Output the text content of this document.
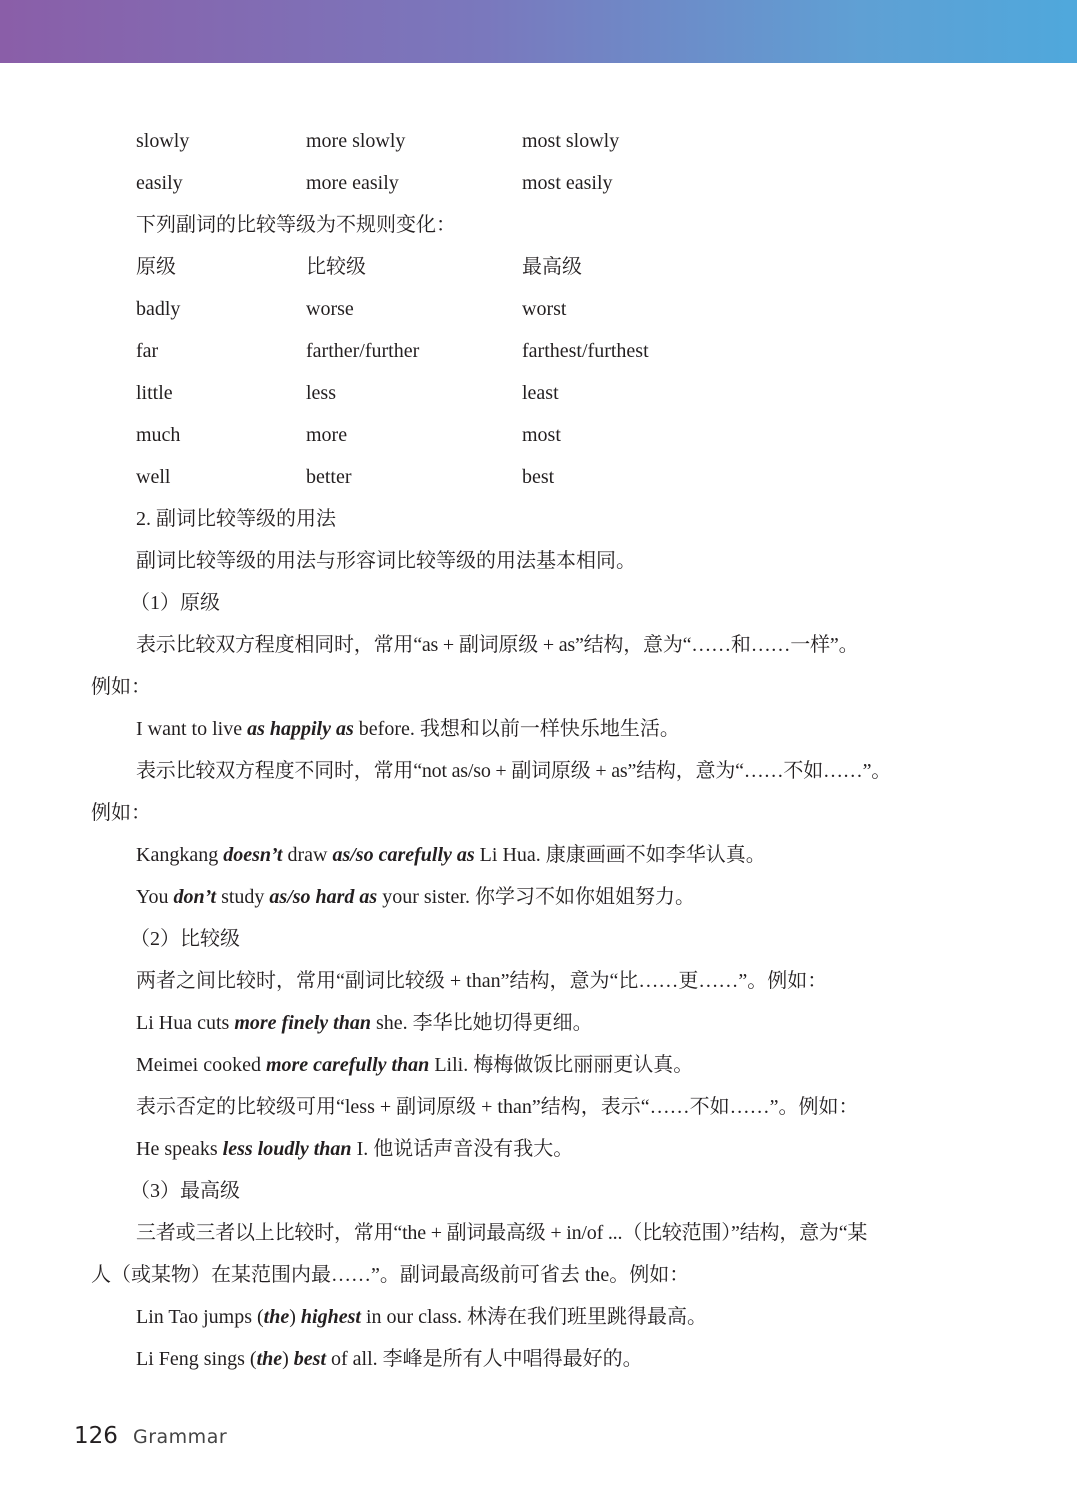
slowly	more slowly	most slowly
easily	more easily	most easily
下列副词的比较等级为不规则变化：
原级	比较级	最高级
badly	worse	worst
far	farther/further	farthest/furthest
little	less	least
much	more	most
well	better	best
2. 副词比较等级的用法
副词比较等级的用法与形容词比较等级的用法基本相同。
（1）原级
表示比较双方程度相同时，常用“as + 副词原级 + as”结构，意为“……和……一样”。
例如：
I want to live as happily as before. 我想和以前一样快乐地生活。
表示比较双方程度不同时，常用“not as/so + 副词原级 + as”结构，意为“……不如……”。
例如：
Kangkang doesn’t draw as/so carefully as Li Hua. 康康画画不如李华认真。
You don’t study as/so hard as your sister. 你学习不如你姐姐努力。
（2）比较级
两者之间比较时，常用“副词比较级 + than”结构，意为“比……更……”。例如：
Li Hua cuts more finely than she. 李华比她切得更细。
Meimei cooked more carefully than Lili. 梅梅做饭比丽丽更认真。
表示否定的比较级可用“less + 副词原级 + than”结构，表示“……不如……”。例如：
He speaks less loudly than I. 他说话声音没有我大。
（3）最高级
三者或三者以上比较时，常用“the + 副词最高级 + in/of ...（比较范围）”结构，意为“某
人（或某物）在某范围内最……”。副词最高级前可省去 the。例如：
Lin Tao jumps (the) highest in our class. 林涛在我们班里跳得最高。
Li Feng sings (the) best of all. 李峰是所有人中唱得最好的。
126 Grammar
